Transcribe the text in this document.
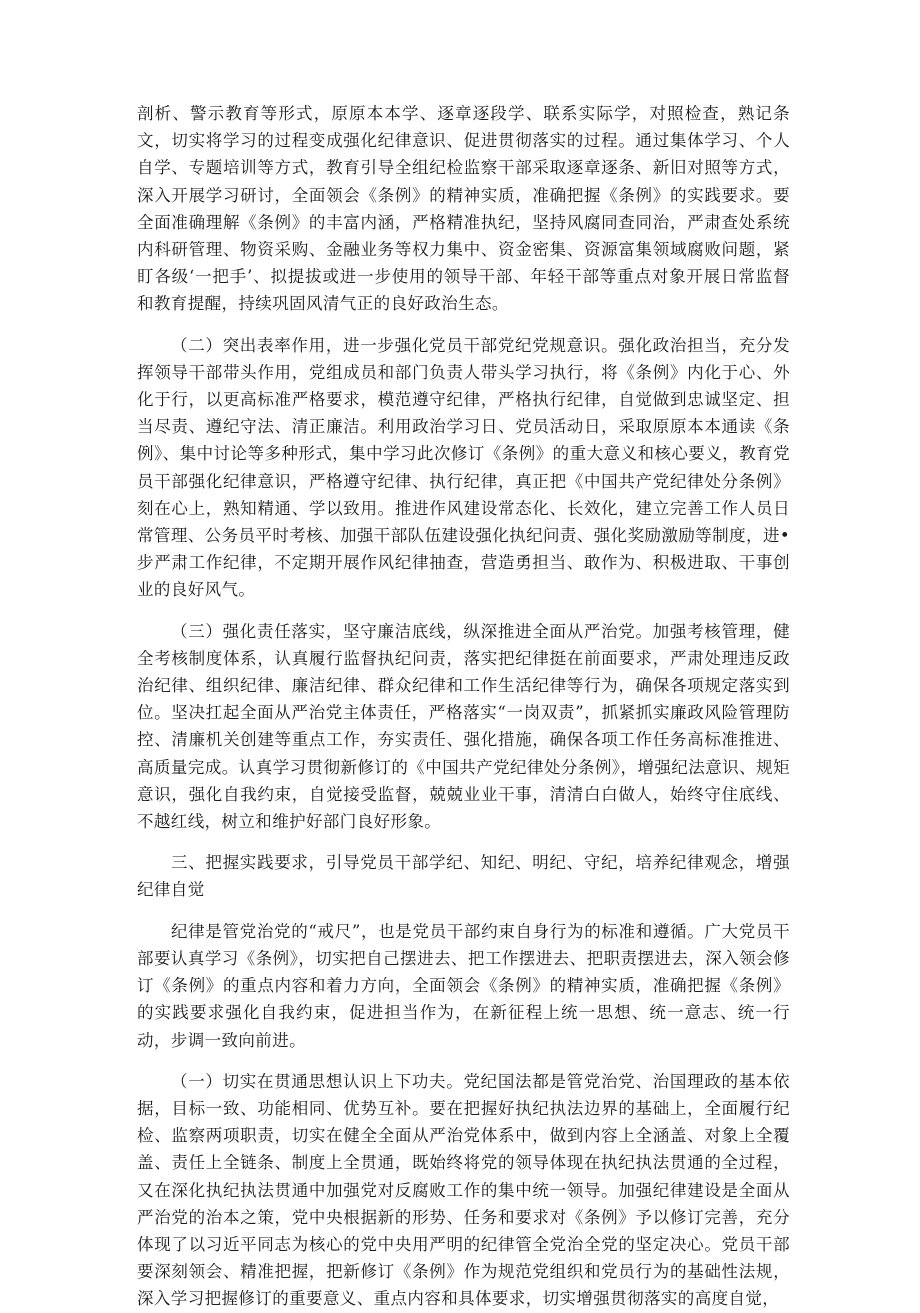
剖析、警示教育等形式，原原本本学、逐章逐段学、联系实际学，对照检查，熟记条文，切实将学习的过程变成强化纪律意识、促进贯彻落实的过程。通过集体学习、个人自学、专题培训等方式，教育引导全组纪检监察干部采取逐章逐条、新旧对照等方式，深入开展学习研讨，全面领会《条例》的精神实质，准确把握《条例》的实践要求。要全面准确理解《条例》的丰富内涵，严格精准执纪，坚持风腐同查同治，严肃查处系统内科研管理、物资采购、金融业务等权力集中、资金密集、资源富集领域腐败问题，紧盯各级‘一把手’、拟提拔或进一步使用的领导干部、年轻干部等重点对象开展日常监督和教育提醒，持续巩固风清气正的良好政治生态。

（二）突出表率作用，进一步强化党员干部党纪党规意识。强化政治担当，充分发挥领导干部带头作用，党组成员和部门负责人带头学习执行，将《条例》内化于心、外化于行，以更高标准严格要求，模范遵守纪律，严格执行纪律，自觉做到忠诚坚定、担当尽责、遵纪守法、清正廉洁。利用政治学习日、党员活动日，采取原原本本通读《条例》、集中讨论等多种形式，集中学习此次修订《条例》的重大意义和核心要义，教育党员干部强化纪律意识，严格遵守纪律、执行纪律，真正把《中国共产党纪律处分条例》刻在心上，熟知精通、学以致用。推进作风建设常态化、长效化，建立完善工作人员日常管理、公务员平时考核、加强干部队伍建设强化执纪问责、强化奖励激励等制度，进•步严肃工作纪律，不定期开展作风纪律抽查，营造勇担当、敢作为、积极进取、干事创业的良好风气。

（三）强化责任落实，坚守廉洁底线，纵深推进全面从严治党。加强考核管理，健全考核制度体系，认真履行监督执纪问责，落实把纪律挺在前面要求，严肃处理违反政治纪律、组织纪律、廉洁纪律、群众纪律和工作生活纪律等行为，确保各项规定落实到位。坚决扛起全面从严治党主体责任，严格落实“一岗双责”，抓紧抓实廉政风险管理防控、清廉机关创建等重点工作，夯实责任、强化措施，确保各项工作任务高标准推进、高质量完成。认真学习贯彻新修订的《中国共产党纪律处分条例》，增强纪法意识、规矩意识，强化自我约束，自觉接受监督，兢兢业业干事，清清白白做人，始终守住底线、不越红线，树立和维护好部门良好形象。

三、把握实践要求，引导党员干部学纪、知纪、明纪、守纪，培养纪律观念，增强纪律自觉

纪律是管党治党的“戒尺”，也是党员干部约束自身行为的标准和遵循。广大党员干部要认真学习《条例》，切实把自己摆进去、把工作摆进去、把职责摆进去，深入领会修订《条例》的重点内容和着力方向，全面领会《条例》的精神实质，准确把握《条例》的实践要求强化自我约束，促进担当作为，在新征程上统一思想、统一意志、统一行动，步调一致向前进。

（一）切实在贯通思想认识上下功夫。党纪国法都是管党治党、治国理政的基本依据，目标一致、功能相同、优势互补。要在把握好执纪执法边界的基础上，全面履行纪检、监察两项职责，切实在健全全面从严治党体系中，做到内容上全涵盖、对象上全覆盖、责任上全链条、制度上全贯通，既始终将党的领导体现在执纪执法贯通的全过程，又在深化执纪执法贯通中加强党对反腐败工作的集中统一领导。加强纪律建设是全面从严治党的治本之策，党中央根据新的形势、任务和要求对《条例》予以修订完善，充分体现了以习近平同志为核心的党中央用严明的纪律管全党治全党的坚定决心。党员干部要深刻领会、精准把握，把新修订《条例》作为规范党组织和党员行为的基础性法规，深入学习把握修订的重要意义、重点内容和具体要求，切实增强贯彻落实的高度自觉，
